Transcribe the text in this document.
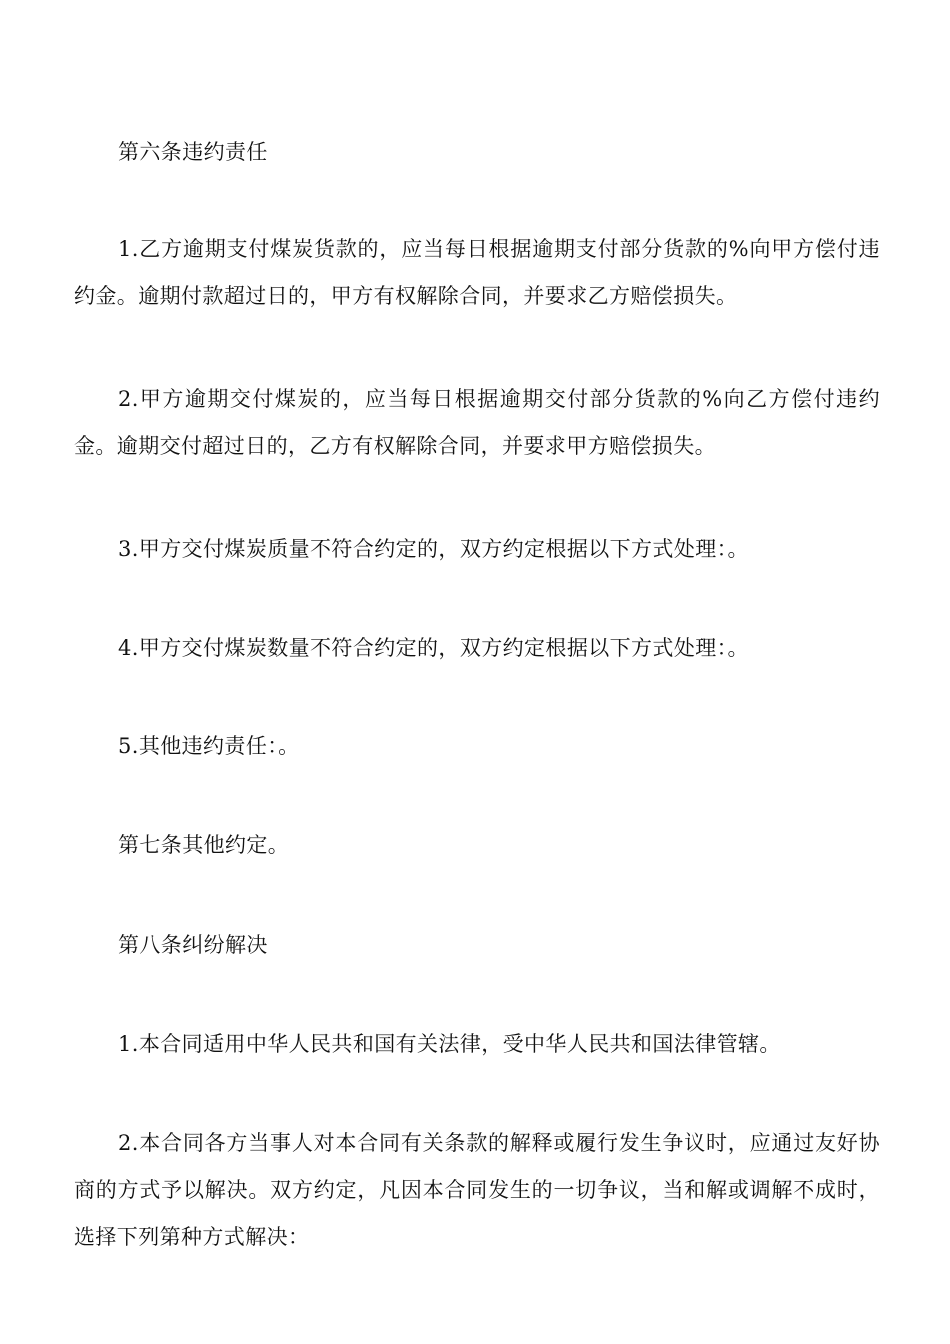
第六条违约责任

1.乙方逾期支付煤炭货款的，应当每日根据逾期支付部分货款的%向甲方偿付违约金。逾期付款超过日的，甲方有权解除合同，并要求乙方赔偿损失。

2.甲方逾期交付煤炭的，应当每日根据逾期交付部分货款的%向乙方偿付违约金。逾期交付超过日的，乙方有权解除合同，并要求甲方赔偿损失。

3.甲方交付煤炭质量不符合约定的，双方约定根据以下方式处理：。

4.甲方交付煤炭数量不符合约定的，双方约定根据以下方式处理：。

5.其他违约责任：。

第七条其他约定。

第八条纠纷解决

1.本合同适用中华人民共和国有关法律，受中华人民共和国法律管辖。

2.本合同各方当事人对本合同有关条款的解释或履行发生争议时，应通过友好协商的方式予以解决。双方约定，凡因本合同发生的一切争议，当和解或调解不成时，选择下列第种方式解决：
